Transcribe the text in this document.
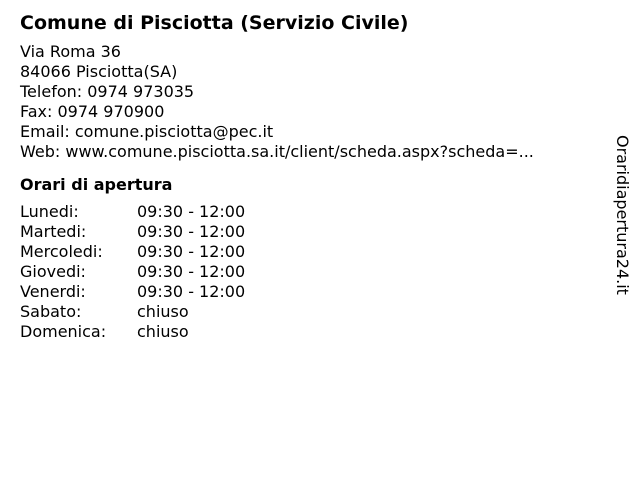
Comune di Pisciotta (Servizio Civile)
Via Roma 36
84066 Pisciotta(SA)
Telefon: 0974 973035
Fax: 0974 970900
Email: comune.pisciotta@pec.it
Web: www.comune.pisciotta.sa.it/client/scheda.aspx?scheda=...
Orari di apertura
Lunedi:	09:30 - 12:00
Martedi:	09:30 - 12:00
Mercoledi:	09:30 - 12:00
Giovedi:	09:30 - 12:00
Venerdi:	09:30 - 12:00
Sabato:	chiuso
Domenica:	chiuso
Oraridiapertura24.it
